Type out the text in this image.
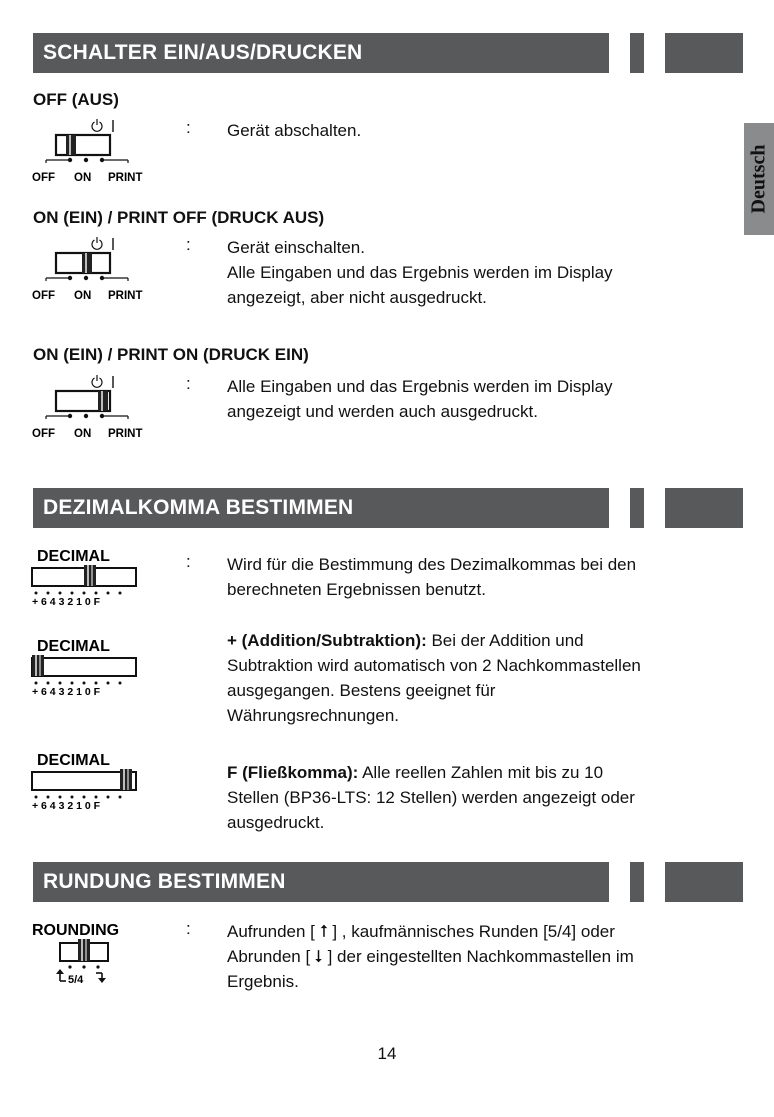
Deutsch
SCHALTER EIN/AUS/DRUCKEN
OFF (AUS)
OFF ON PRINT
: Gerät abschalten.
ON (EIN) / PRINT OFF (DRUCK AUS)
OFF ON PRINT
: Gerät einschalten.
Alle Eingaben und das Ergebnis werden im Display
angezeigt, aber nicht ausgedruckt.
ON (EIN) / PRINT ON (DRUCK EIN)
OFF ON PRINT
: Alle Eingaben und das Ergebnis werden im Display
angezeigt und werden auch ausgedruckt.
DEZIMALKOMMA BESTIMMEN
DECIMAL
+ 6 4 3 2 1 0 F
: Wird für die Bestimmung des Dezimalkommas bei den
berechneten Ergebnissen benutzt.
DECIMAL
+ 6 4 3 2 1 0 F
+ (Addition/Subtraktion): Bei der Addition und
Subtraktion wird automatisch von 2 Nachkommastellen
ausgegangen. Bestens geeignet für
Währungsrechnungen.
DECIMAL
+ 6 4 3 2 1 0 F
F (Fließkomma): Alle reellen Zahlen mit bis zu 10
Stellen (BP36-LTS: 12 Stellen) werden angezeigt oder
ausgedruckt.
RUNDUNG BESTIMMEN
ROUNDING
5/4
: Aufrunden [ ⭡ ] , kaufmännisches Runden [5/4] oder
Abrunden [ ⭣ ] der eingestellten Nachkommastellen im
Ergebnis.
14
